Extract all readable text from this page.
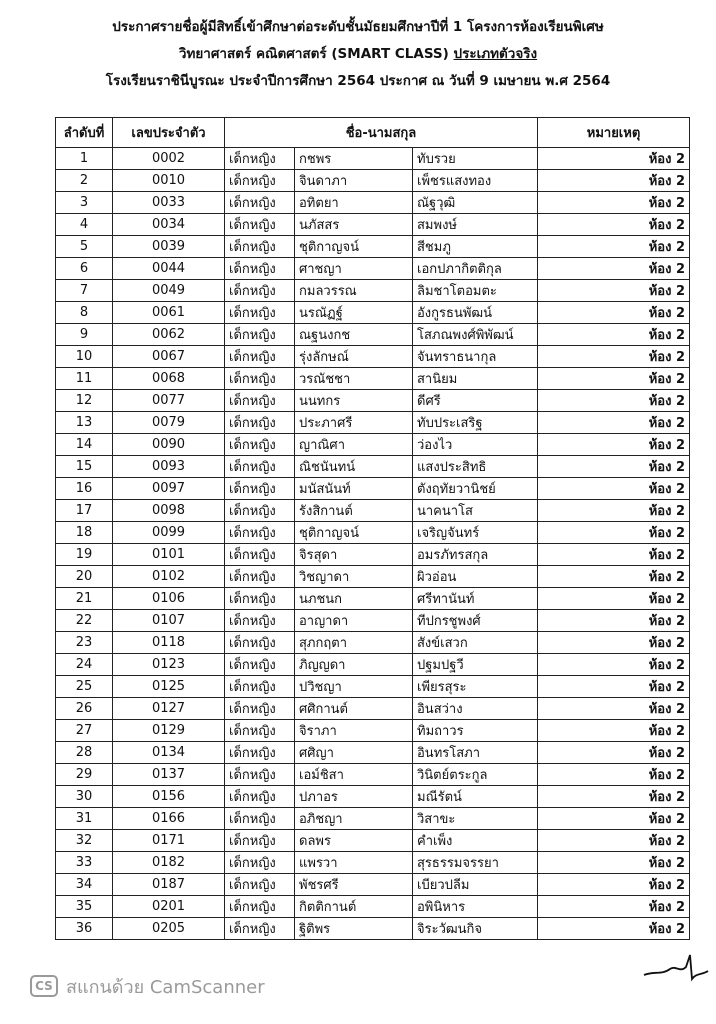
ประกาศรายชื่อผู้มีสิทธิ์เข้าศึกษาต่อระดับชั้นมัธยมศึกษาปีที่ 1 โครงการห้องเรียนพิเศษ
วิทยาศาสตร์ คณิตศาสตร์ (SMART CLASS) ประเภทตัวจริง
โรงเรียนราชินีบูรณะ ประจำปีการศึกษา 2564 ประกาศ ณ วันที่ 9 เมษายน พ.ศ 2564
ลำดับที่	เลขประจำตัว	ชื่อ-นามสกุล			หมายเหตุ
1	0002	เด็กหญิง	กชพร	ทับรวย	ห้อง 2
2	0010	เด็กหญิง	จินดาภา	เพ็ชรแสงทอง	ห้อง 2
3	0033	เด็กหญิง	อทิตยา	ณัฐวุฒิ	ห้อง 2
4	0034	เด็กหญิง	นภัสสร	สมพงษ์	ห้อง 2
5	0039	เด็กหญิง	ชุติกาญจน์	สีชมภู	ห้อง 2
6	0044	เด็กหญิง	ศาชญา	เอกปภากิตติกุล	ห้อง 2
7	0049	เด็กหญิง	กมลวรรณ	ลิมชาโตอมตะ	ห้อง 2
8	0061	เด็กหญิง	นรณัฏฐ์	อังกูรธนพัฒน์	ห้อง 2
9	0062	เด็กหญิง	ณฐนงกช	โสภณพงศ์พิพัฒน์	ห้อง 2
10	0067	เด็กหญิง	รุ่งลักษณ์	จันทราธนากุล	ห้อง 2
11	0068	เด็กหญิง	วรณัชชา	สานิยม	ห้อง 2
12	0077	เด็กหญิง	นนทกร	ดีศรี	ห้อง 2
13	0079	เด็กหญิง	ประภาศรี	ทับประเสริฐ	ห้อง 2
14	0090	เด็กหญิง	ญาณิศา	ว่องไว	ห้อง 2
15	0093	เด็กหญิง	ณิชนันทน์	แสงประสิทธิ	ห้อง 2
16	0097	เด็กหญิง	มนัสนันท์	ตังฤทัยวานิชย์	ห้อง 2
17	0098	เด็กหญิง	รังสิกานต์	นาคนาโส	ห้อง 2
18	0099	เด็กหญิง	ชุติกาญจน์	เจริญจันทร์	ห้อง 2
19	0101	เด็กหญิง	จิรสุดา	อมรภัทรสกุล	ห้อง 2
20	0102	เด็กหญิง	วิชญาดา	ผิวอ่อน	ห้อง 2
21	0106	เด็กหญิง	นภชนก	ศรีทานันท์	ห้อง 2
22	0107	เด็กหญิง	อาญาดา	ทีปกรชูพงศ์	ห้อง 2
23	0118	เด็กหญิง	สุภกฤตา	สังข์เสวก	ห้อง 2
24	0123	เด็กหญิง	ภิญญดา	ปฐมปฐวี	ห้อง 2
25	0125	เด็กหญิง	ปวิชญา	เพียรสุระ	ห้อง 2
26	0127	เด็กหญิง	ศศิกานต์	อินสว่าง	ห้อง 2
27	0129	เด็กหญิง	จิราภา	ทิมถาวร	ห้อง 2
28	0134	เด็กหญิง	ศศิญา	อินทรโสภา	ห้อง 2
29	0137	เด็กหญิง	เอม์ชิสา	วินิตย์ตระกูล	ห้อง 2
30	0156	เด็กหญิง	ปภาอร	มณีรัตน์	ห้อง 2
31	0166	เด็กหญิง	อภิชญา	วิสาขะ	ห้อง 2
32	0171	เด็กหญิง	ดลพร	คำเพ็ง	ห้อง 2
33	0182	เด็กหญิง	แพรวา	สุรธรรมจรรยา	ห้อง 2
34	0187	เด็กหญิง	พัชรศรี	เบียวปลีม	ห้อง 2
35	0201	เด็กหญิง	กิตติกานต์	อพินิหาร	ห้อง 2
36	0205	เด็กหญิง	ฐิติพร	จิระวัฒนกิจ	ห้อง 2
CS สแกนด้วย CamScanner
